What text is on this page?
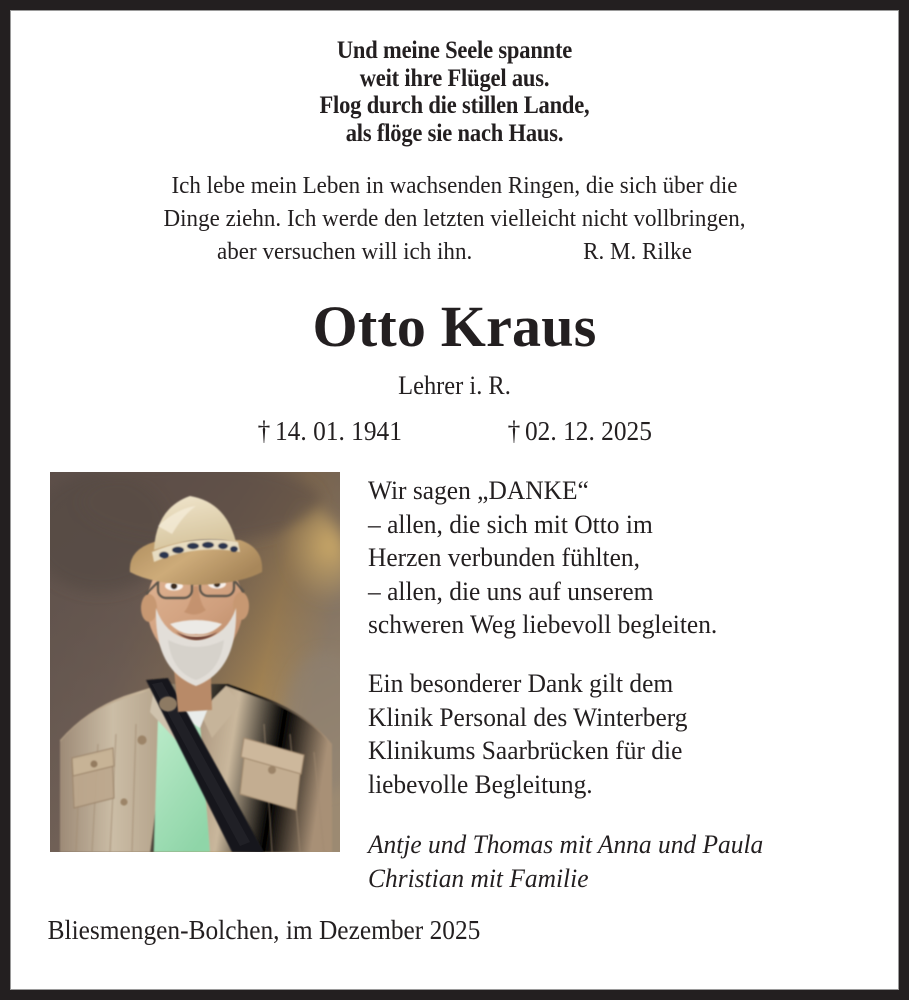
Und meine Seele spannte
weit ihre Flügel aus.
Flog durch die stillen Lande,
als flöge sie nach Haus.
Ich lebe mein Leben in wachsenden Ringen, die sich über die
Dinge ziehn. Ich werde den letzten vielleicht nicht vollbringen,
aber versuchen will ich ihn.	R. M. Rilke
Otto Kraus
Lehrer i. R.
† 14. 01. 1941	† 02. 12. 2025

Wir sagen „DANKE“
– allen, die sich mit Otto im
Herzen verbunden fühlten,
– allen, die uns auf unserem
schweren Weg liebevoll begleiten.

Ein besonderer Dank gilt dem
Klinik Personal des Winterberg
Klinikums Saarbrücken für die
liebevolle Begleitung.

Antje und Thomas mit Anna und Paula
Christian mit Familie

Bliesmengen-Bolchen, im Dezember 2025
